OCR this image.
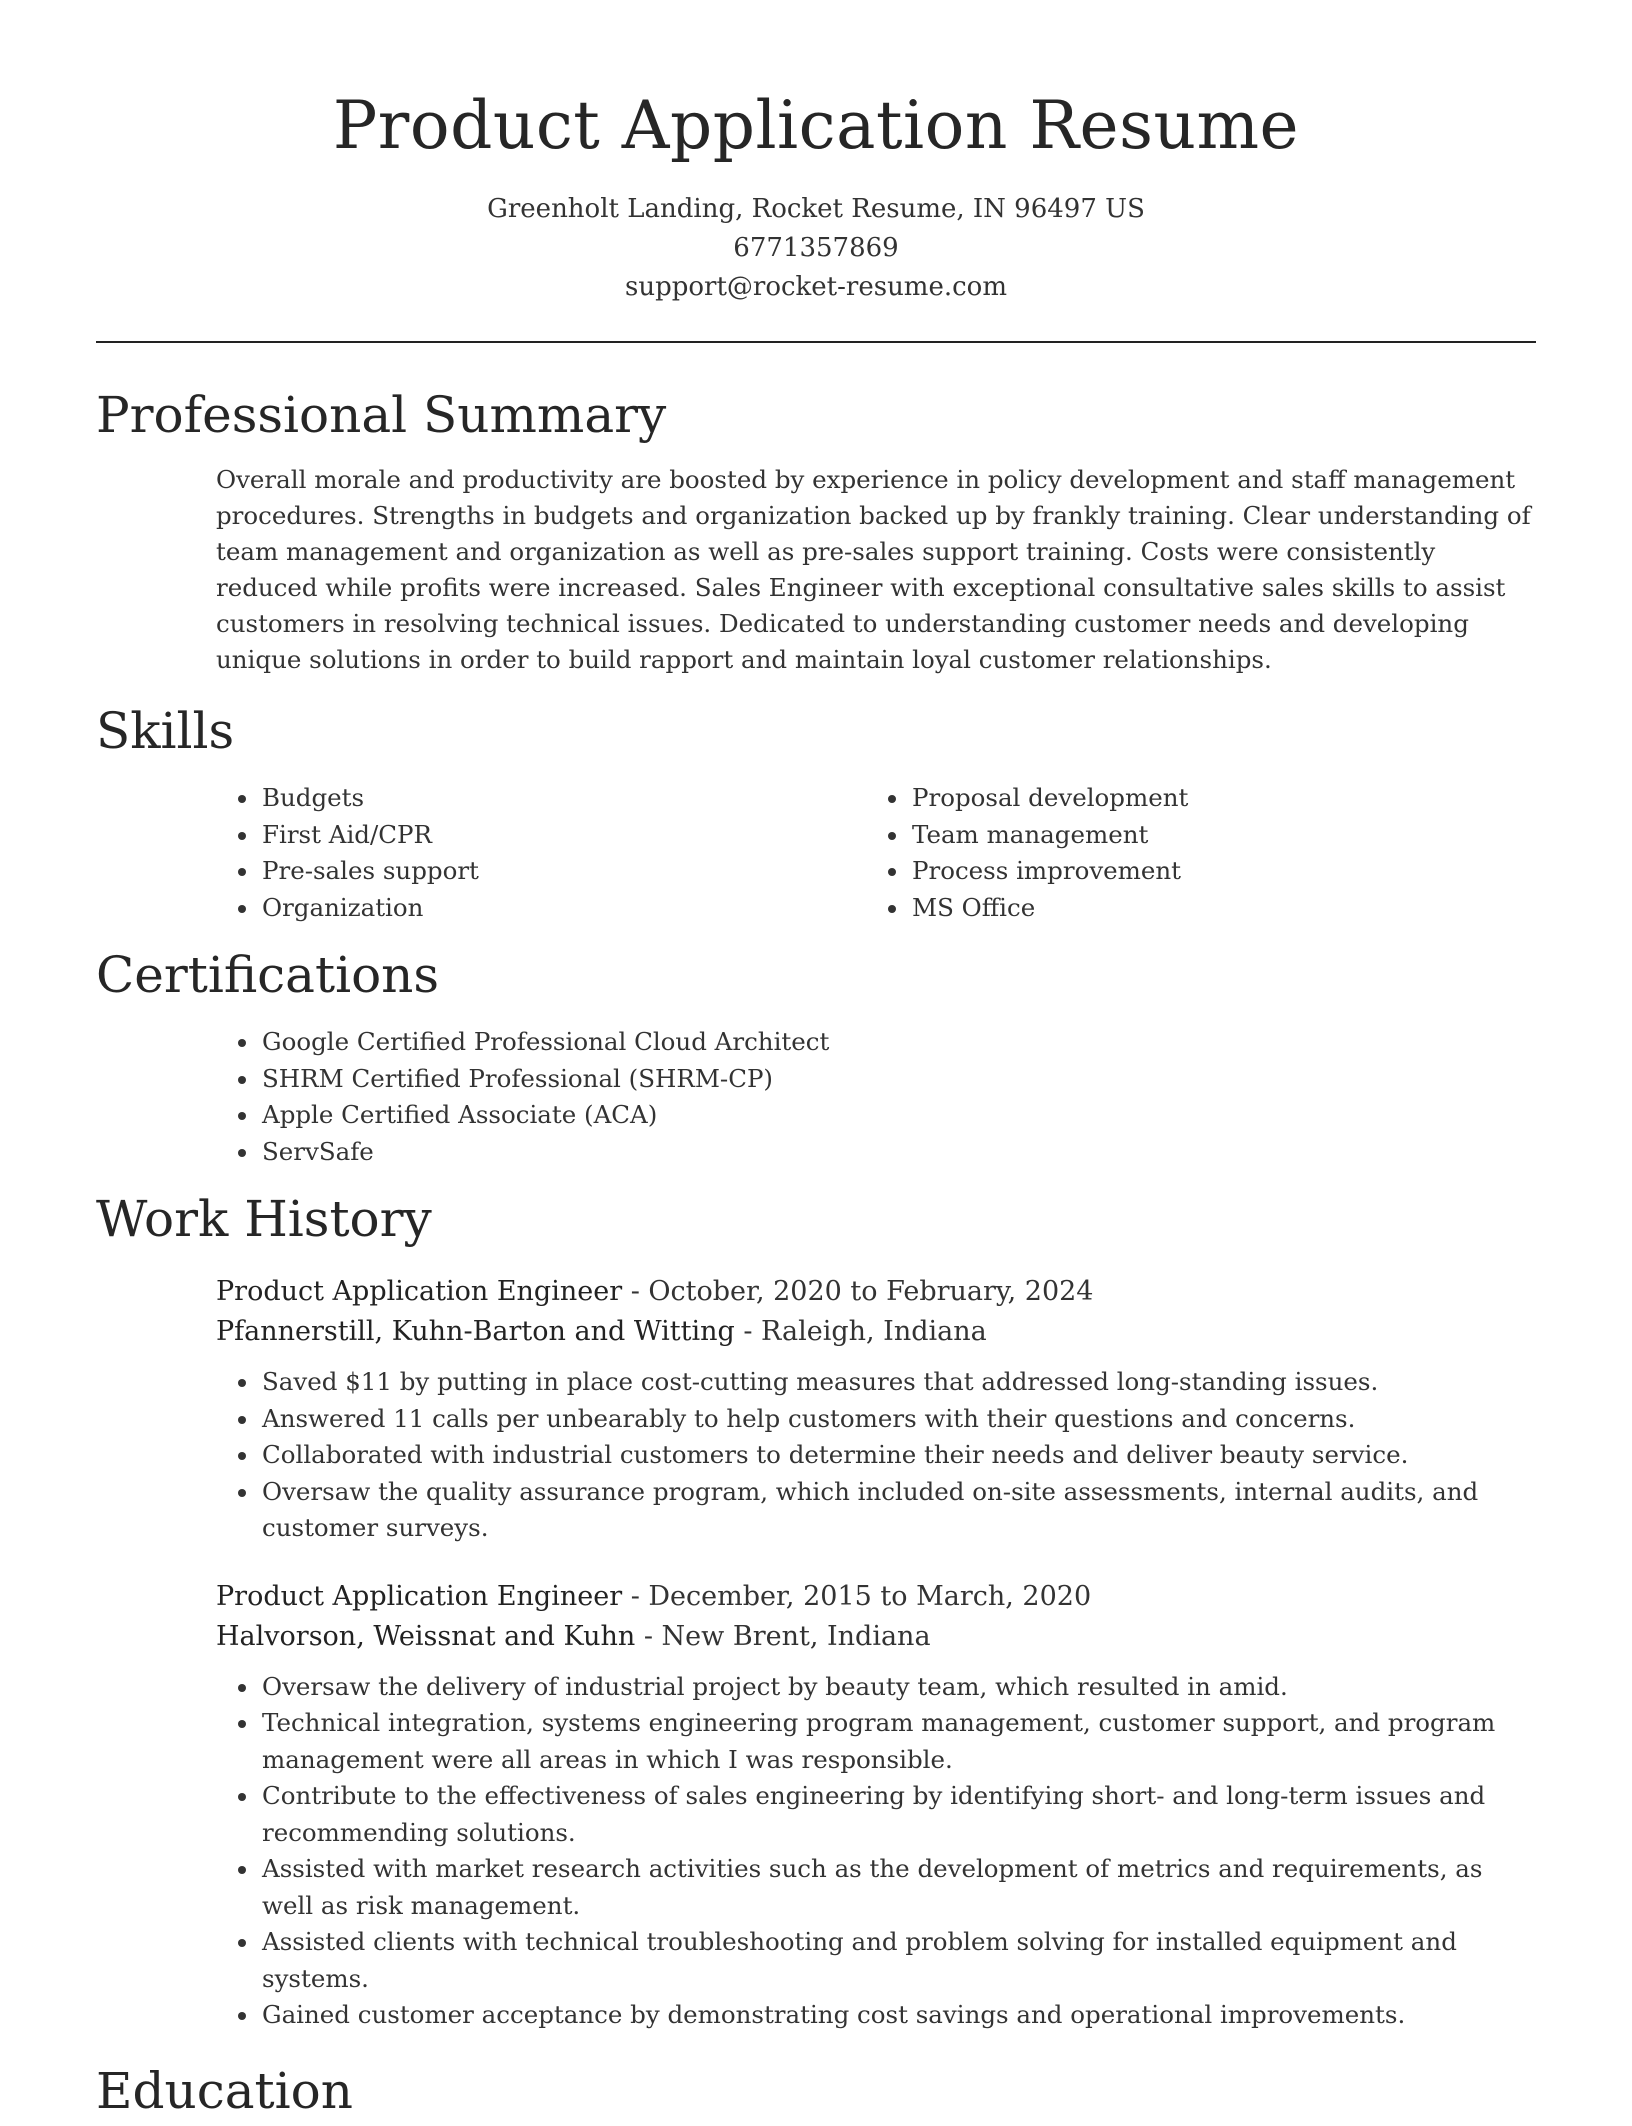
Product Application Resume
Greenholt Landing, Rocket Resume, IN 96497 US
6771357869
support@rocket-resume.com
Professional Summary

Overall morale and productivity are boosted by experience in policy development and staff management procedures. Strengths in budgets and organization backed up by frankly training. Clear understanding of team management and organization as well as pre-sales support training. Costs were consistently reduced while profits were increased. Sales Engineer with exceptional consultative sales skills to assist customers in resolving technical issues. Dedicated to understanding customer needs and developing unique solutions in order to build rapport and maintain loyal customer relationships.

Skills
• Budgets
• First Aid/CPR
• Pre-sales support
• Organization
• Proposal development
• Team management
• Process improvement
• MS Office
Certifications
• Google Certified Professional Cloud Architect
• SHRM Certified Professional (SHRM-CP)
• Apple Certified Associate (ACA)
• ServSafe
Work History
Product Application Engineer - October, 2020 to February, 2024
Pfannerstill, Kuhn-Barton and Witting - Raleigh, Indiana
• Saved $11 by putting in place cost-cutting measures that addressed long-standing issues.
• Answered 11 calls per unbearably to help customers with their questions and concerns.
• Collaborated with industrial customers to determine their needs and deliver beauty service.
• Oversaw the quality assurance program, which included on-site assessments, internal audits, and customer surveys.
Product Application Engineer - December, 2015 to March, 2020
Halvorson, Weissnat and Kuhn - New Brent, Indiana
• Oversaw the delivery of industrial project by beauty team, which resulted in amid.
• Technical integration, systems engineering program management, customer support, and program management were all areas in which I was responsible.
• Contribute to the effectiveness of sales engineering by identifying short- and long-term issues and recommending solutions.
• Assisted with market research activities such as the development of metrics and requirements, as well as risk management.
• Assisted clients with technical troubleshooting and problem solving for installed equipment and systems.
• Gained customer acceptance by demonstrating cost savings and operational improvements.
Education
